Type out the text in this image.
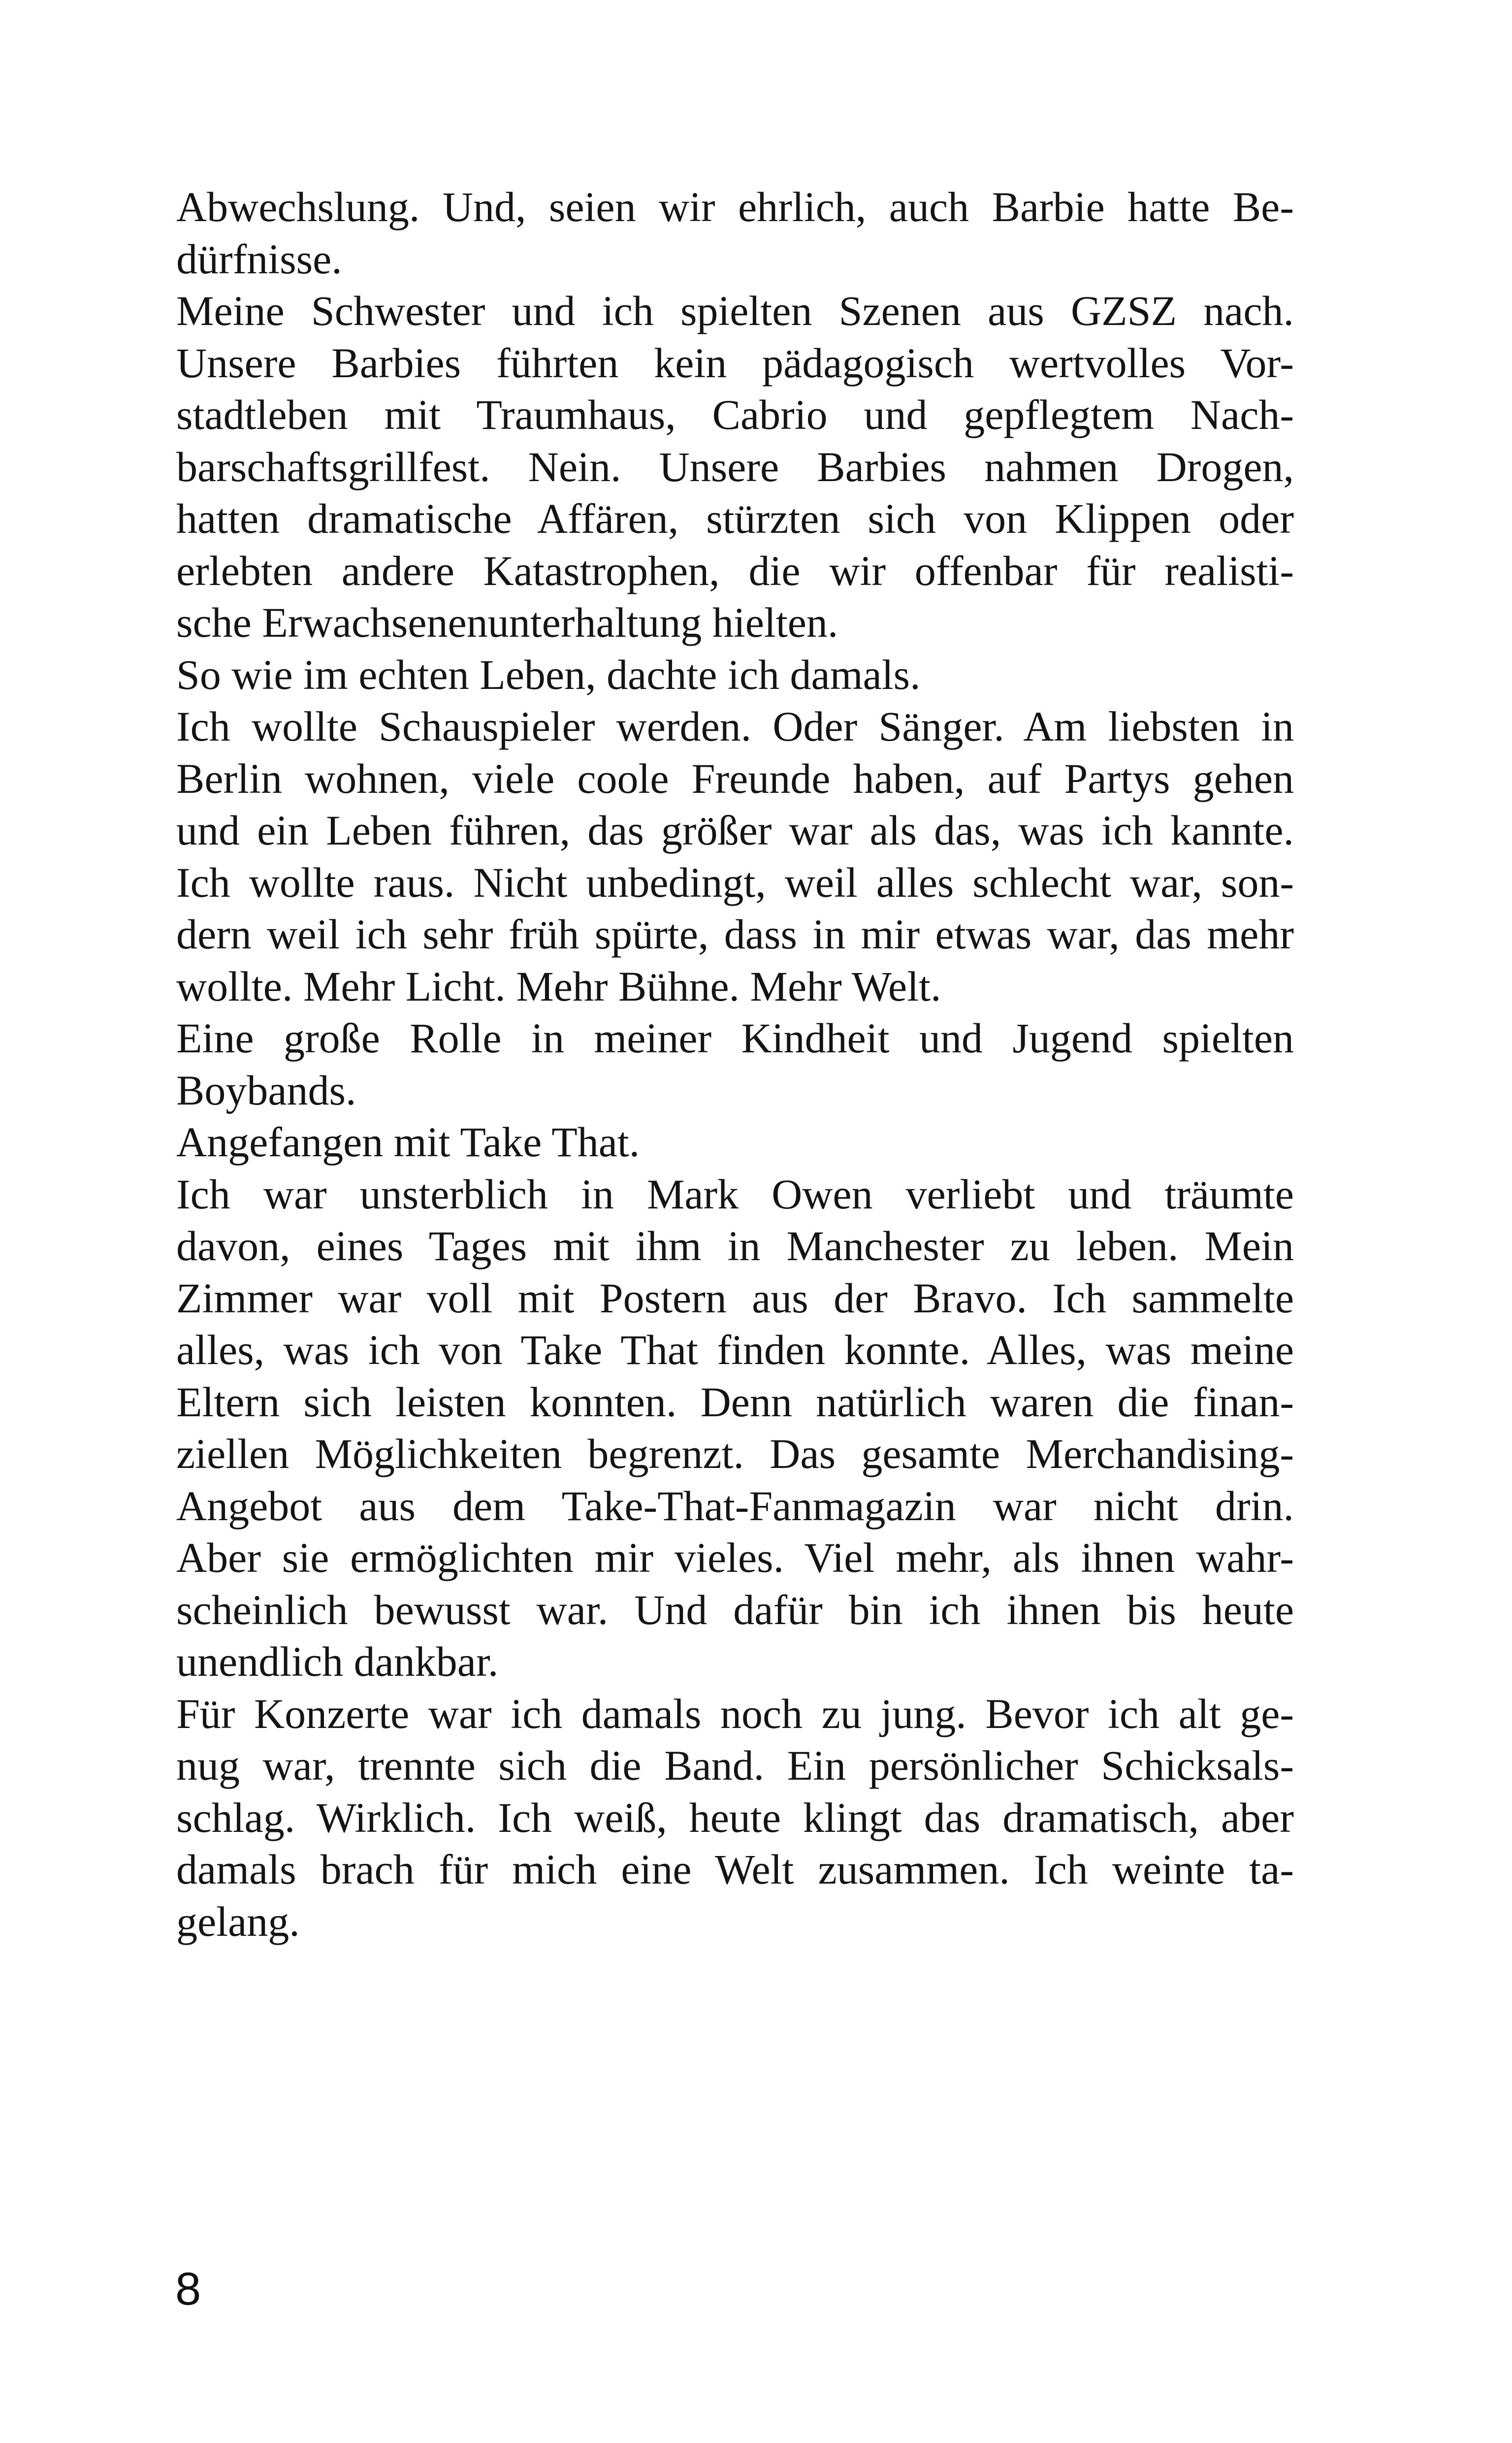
Abwechslung. Und, seien wir ehrlich, auch Barbie hatte Be-
dürfnisse.

Meine Schwester und ich spielten Szenen aus GZSZ nach.
Unsere Barbies führten kein pädagogisch wertvolles Vor-
stadtleben mit Traumhaus, Cabrio und gepflegtem Nach-
barschaftsgrillfest. Nein. Unsere Barbies nahmen Drogen,
hatten dramatische Affären, stürzten sich von Klippen oder
erlebten andere Katastrophen, die wir offenbar für realisti-
sche Erwachsenenunterhaltung hielten.

So wie im echten Leben, dachte ich damals.

Ich wollte Schauspieler werden. Oder Sänger. Am liebsten in
Berlin wohnen, viele coole Freunde haben, auf Partys gehen
und ein Leben führen, das größer war als das, was ich kannte.
Ich wollte raus. Nicht unbedingt, weil alles schlecht war, son-
dern weil ich sehr früh spürte, dass in mir etwas war, das mehr
wollte. Mehr Licht. Mehr Bühne. Mehr Welt.

Eine große Rolle in meiner Kindheit und Jugend spielten
Boybands.

Angefangen mit Take That.

Ich war unsterblich in Mark Owen verliebt und träumte
davon, eines Tages mit ihm in Manchester zu leben. Mein
Zimmer war voll mit Postern aus der Bravo. Ich sammelte
alles, was ich von Take That finden konnte. Alles, was meine
Eltern sich leisten konnten. Denn natürlich waren die finan-
ziellen Möglichkeiten begrenzt. Das gesamte Merchandising-
Angebot aus dem Take-That-Fanmagazin war nicht drin.
Aber sie ermöglichten mir vieles. Viel mehr, als ihnen wahr-
scheinlich bewusst war. Und dafür bin ich ihnen bis heute
unendlich dankbar.

Für Konzerte war ich damals noch zu jung. Bevor ich alt ge-
nug war, trennte sich die Band. Ein persönlicher Schicksals-
schlag. Wirklich. Ich weiß, heute klingt das dramatisch, aber
damals brach für mich eine Welt zusammen. Ich weinte ta-
gelang.

8
